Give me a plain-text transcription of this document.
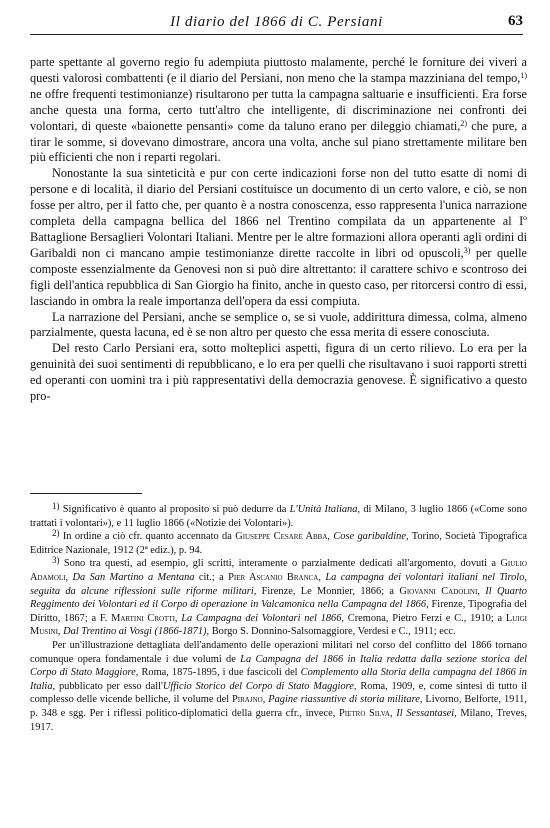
Il diario del 1866 di C. Persiani	63

parte spettante al governo regio fu adempiuta piuttosto malamente, perché le forniture dei viveri a questi valorosi combattenti (e il diario del Persiani, non meno che la stampa mazziniana del tempo,$^{1)}$ ne offre frequenti testimonianze) risultarono per tutta la campagna saltuarie e insufficienti. Era forse anche questa una forma, certo tutt'altro che intelligente, di discriminazione nei confronti dei volontari, di queste «baionette pensanti» come da taluno erano per dileggio chiamati,$^{2)}$ che pure, a tirar le somme, si dovevano dimostrare, ancora una volta, anche sul piano strettamente militare ben più efficienti che non i reparti regolari.

Nonostante la sua sinteticità e pur con certe indicazioni forse non del tutto esatte di nomi di persone e di località, il diario del Persiani costituisce un documento di un certo valore, e ciò, se non fosse per altro, per il fatto che, per quanto è a nostra conoscenza, esso rappresenta l'unica narrazione completa della campagna bellica del 1866 nel Trentino compilata da un appartenente al Iº Battaglione Bersaglieri Volontari Italiani. Mentre per le altre formazioni allora operanti agli ordini di Garibaldi non ci mancano ampie testimonianze dirette raccolte in libri od opuscoli,$^{3)}$ per quelle composte essenzialmente da Genovesi non si può dire altrettanto: il carattere schivo e scontroso dei figli dell'antica repubblica di San Giorgio ha finito, anche in questo caso, per ritorcersi contro di essi, lasciando in ombra la reale importanza dell'opera da essi compiuta.

La narrazione del Persiani, anche se semplice o, se si vuole, addirittura dimessa, colma, almeno parzialmente, questa lacuna, ed è se non altro per questo che essa merita di essere conosciuta.

Del resto Carlo Persiani era, sotto molteplici aspetti, figura di un certo rilievo. Lo era per la genuinità dei suoi sentimenti di repubblicano, e lo era per quelli che risultavano i suoi rapporti stretti ed operanti con uomini tra i più rappresentativi della democrazia genovese. È significativo a questo pro-

1) Significativo è quanto al proposito si può dedurre da L'Unità Italiana, di Milano, 3 luglio 1866 («Come sono trattati i volontari»), e 11 luglio 1866 («Notizie dei Volontari»).

2) In ordine a ciò cfr. quanto accennato da Giuseppe Cesare Abba, Cose garibaldine, Torino, Società Tipografica Editrice Nazionale, 1912 (2ª ediz.), p. 94.

3) Sono tra questi, ad esempio, gli scritti, interamente o parzialmente dedicati all'argomento, dovuti a Giulio Adamoli, Da San Martino a Mentana cit.; a Pier Ascanio Branca, La campagna dei volontari italiani nel Tirolo, seguita da alcune riflessioni sulle riforme militari, Firenze, Le Monnier, 1866; a Giovanni Cadolini, Il Quarto Reggimento dei Volontari ed il Corpo di operazione in Valcamonica nella Campagna del 1866, Firenze, Tipografia del Diritto, 1867; a F. Martini Crotti, La Campagna dei Volontari nel 1866, Cremona, Pietro Ferzi e C., 1910; a Luigi Musini, Dal Trentino ai Vosgi (1866-1871), Borgo S. Donnino-Salsomaggiore, Verdesi e C., 1911; ecc.

Per un'illustrazione dettagliata dell'andamento delle operazioni militari nel corso del conflitto del 1866 tornano comunque opera fondamentale i due volumi de La Campagna del 1866 in Italia redatta dalla sezione storica del Corpo di Stato Maggiore, Roma, 1875-1895, i due fascicoli del Complemento alla Storia della campagna del 1866 in Italia, pubblicato per esso dall'Ufficio Storico del Corpo di Stato Maggiore, Roma, 1909, e, come sintesi di tutto il complesso delle vicende belliche, il volume del Pirajno, Pagine riassuntive di storia militare, Livorno, Belforte, 1911, p. 348 e sgg. Per i riflessi politico-diplomatici della guerra cfr., invece, Pietro Silva, Il Sessantasei, Milano, Treves, 1917.
